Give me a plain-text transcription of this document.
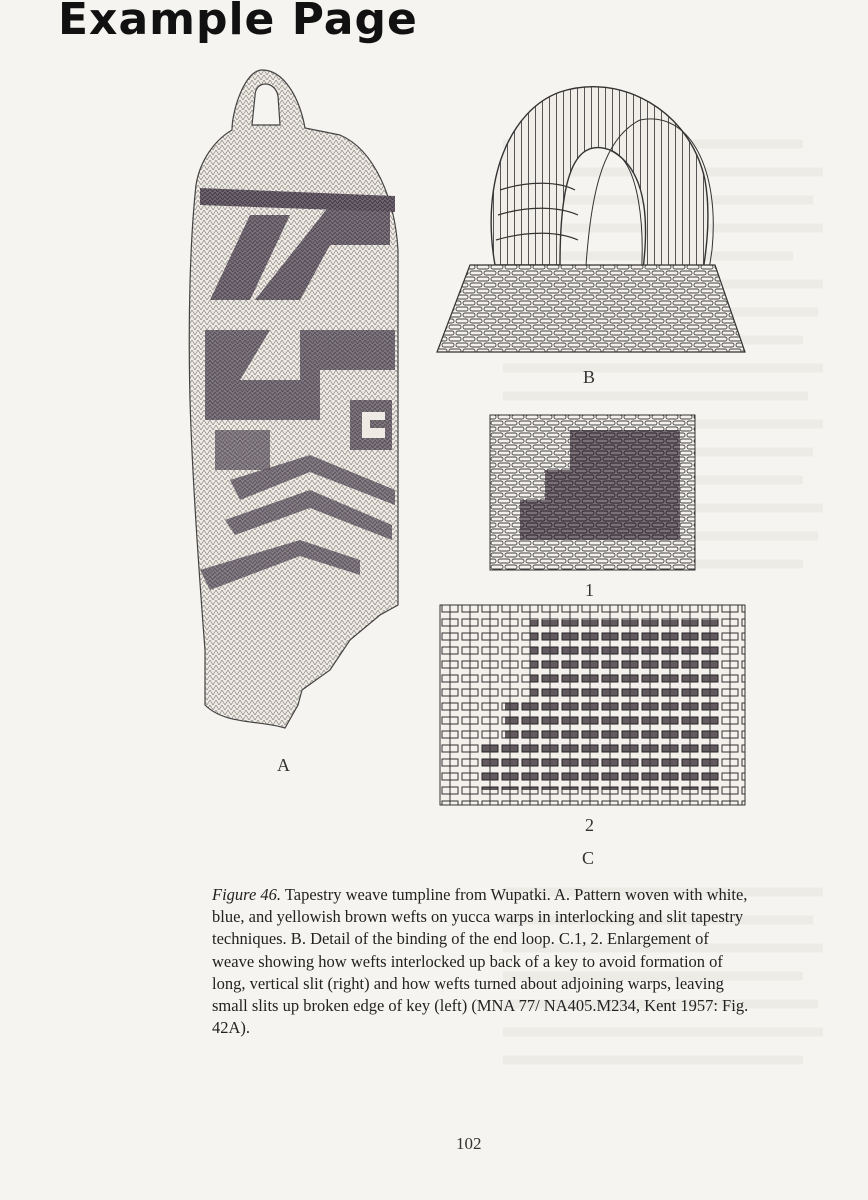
Example Page

A
B
1
2
C
Figure 46. Tapestry weave tumpline from Wupatki. A. Pattern woven with white, blue, and yellowish brown wefts on yucca warps in interlocking and slit tapestry techniques. B. Detail of the binding of the end loop. C.1, 2. Enlargement of weave showing how wefts interlocked up back of a key to avoid formation of long, vertical slit (right) and how wefts turned about adjoining warps, leaving small slits up broken edge of key (left) (MNA 77/ NA405.M234, Kent 1957: Fig. 42A).
102
